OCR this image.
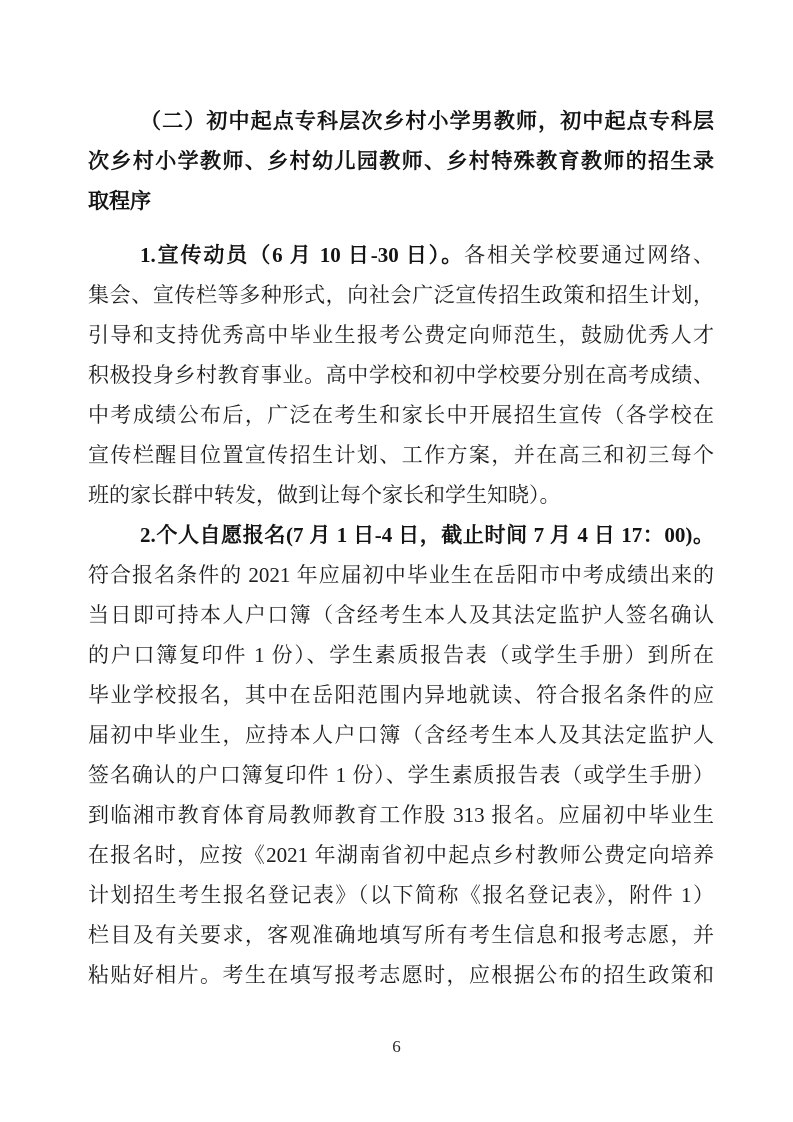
（二）初中起点专科层次乡村小学男教师，初中起点专科层
次乡村小学教师、乡村幼儿园教师、乡村特殊教育教师的招生录
取程序
1.宣传动员（6 月 10 日-30 日）。各相关学校要通过网络、
集会、宣传栏等多种形式，向社会广泛宣传招生政策和招生计划，
引导和支持优秀高中毕业生报考公费定向师范生，鼓励优秀人才
积极投身乡村教育事业。高中学校和初中学校要分别在高考成绩、
中考成绩公布后，广泛在考生和家长中开展招生宣传（各学校在
宣传栏醒目位置宣传招生计划、工作方案，并在高三和初三每个
班的家长群中转发，做到让每个家长和学生知晓）。
2.个人自愿报名(7 月 1 日-4 日，截止时间 7 月 4 日 17：00)。
符合报名条件的 2021 年应届初中毕业生在岳阳市中考成绩出来的
当日即可持本人户口簿（含经考生本人及其法定监护人签名确认
的户口簿复印件 1 份）、学生素质报告表（或学生手册）到所在
毕业学校报名，其中在岳阳范围内异地就读、符合报名条件的应
届初中毕业生，应持本人户口簿（含经考生本人及其法定监护人
签名确认的户口簿复印件 1 份）、学生素质报告表（或学生手册）
到临湘市教育体育局教师教育工作股 313 报名。应届初中毕业生
在报名时，应按《2021 年湖南省初中起点乡村教师公费定向培养
计划招生考生报名登记表》（以下简称《报名登记表》，附件 1）
栏目及有关要求，客观准确地填写所有考生信息和报考志愿，并
粘贴好相片。考生在填写报考志愿时，应根据公布的招生政策和
6
